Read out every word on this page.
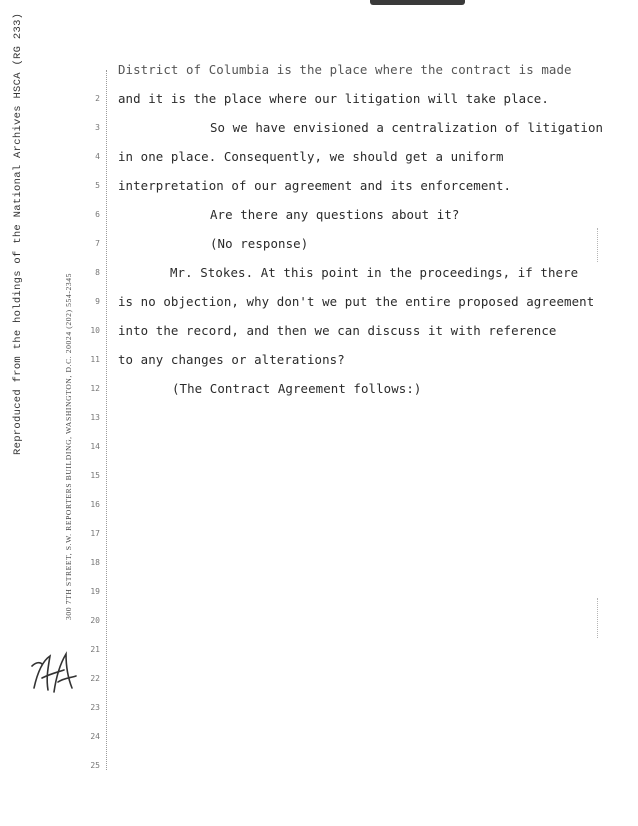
Reproduced from the holdings of the National Archives HSCA (RG 233)	300 7TH STREET, S.W. REPORTERS BUILDING, WASHINGTON, D.C. 20024 (202) 554-2345
2
3
4
5
6
7
8
9
10
11
12
13
14
15
16
17
18
19
20
21
22
23
24
25
District of Columbia is the place where the contract is made
and it is the place where our litigation will take place.
So we have envisioned a centralization of litigation
in one place. Consequently, we should get a uniform
interpretation of our agreement and its enforcement.
Are there any questions about it?
(No response)
Mr. Stokes. At this point in the proceedings, if there
is no objection, why don't we put the entire proposed agreement
into the record, and then we can discuss it with reference
to any changes or alterations?
(The Contract Agreement follows:)
